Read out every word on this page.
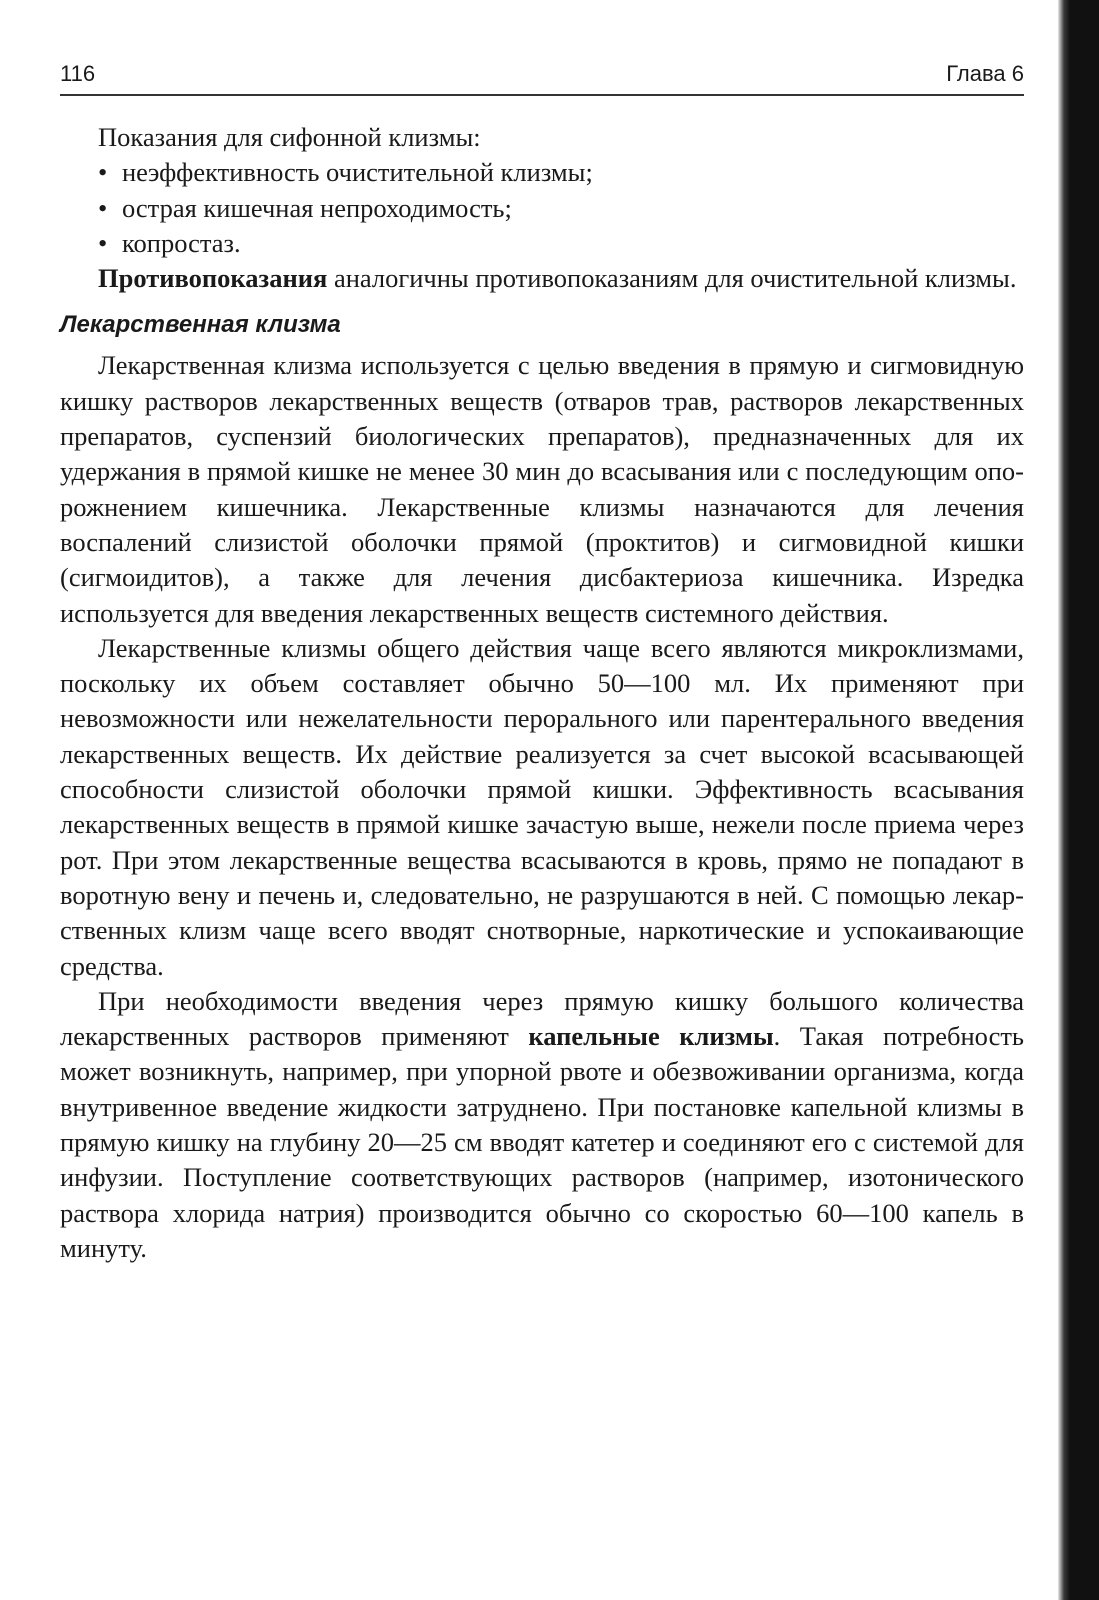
116	Глава 6

Показания для сифонной клизмы:

• неэффективность очистительной клизмы;
• острая кишечная непроходимость;
• копростаз.

Противопоказания аналогичны противопоказаниям для очистительной клизмы.

Лекарственная клизма

Лекарственная клизма используется с целью введения в прямую и сигмовидную кишку растворов лекарственных веществ (отваров трав, растворов лекарственных препаратов, суспензий биологических препаратов), предназначенных для их удержания в прямой кишке не менее 30 мин до всасывания или с последующим опорожнением кишечника. Лекарственные клизмы назначаются для лечения воспалений слизистой оболочки прямой (проктитов) и сигмовидной кишки (сигмоидитов), а также для лечения дисбактериоза кишечника. Изредка используется для введения лекарственных веществ системного действия.

Лекарственные клизмы общего действия чаще всего являются микроклизмами, поскольку их объем составляет обычно 50—100 мл. Их применяют при невозможности или нежелательности перорального или парентерального введения лекарственных веществ. Их действие реализуется за счет высокой всасывающей способности слизистой оболочки прямой кишки. Эффективность всасывания лекарственных веществ в прямой кишке зачастую выше, нежели после приема через рот. При этом лекарственные вещества всасываются в кровь, прямо не попадают в воротную вену и печень и, следовательно, не разрушаются в ней. С помощью лекарственных клизм чаще всего вводят снотворные, наркотические и успокаивающие средства.

При необходимости введения через прямую кишку большого количества лекарственных растворов применяют капельные клизмы. Такая потребность может возникнуть, например, при упорной рвоте и обезвоживании организма, когда внутривенное введение жидкости затруднено. При постановке капельной клизмы в прямую кишку на глубину 20—25 см вводят катетер и соединяют его с системой для инфузии. Поступление соответствующих растворов (например, изотонического раствора хлорида натрия) производится обычно со скоростью 60—100 капель в минуту.
